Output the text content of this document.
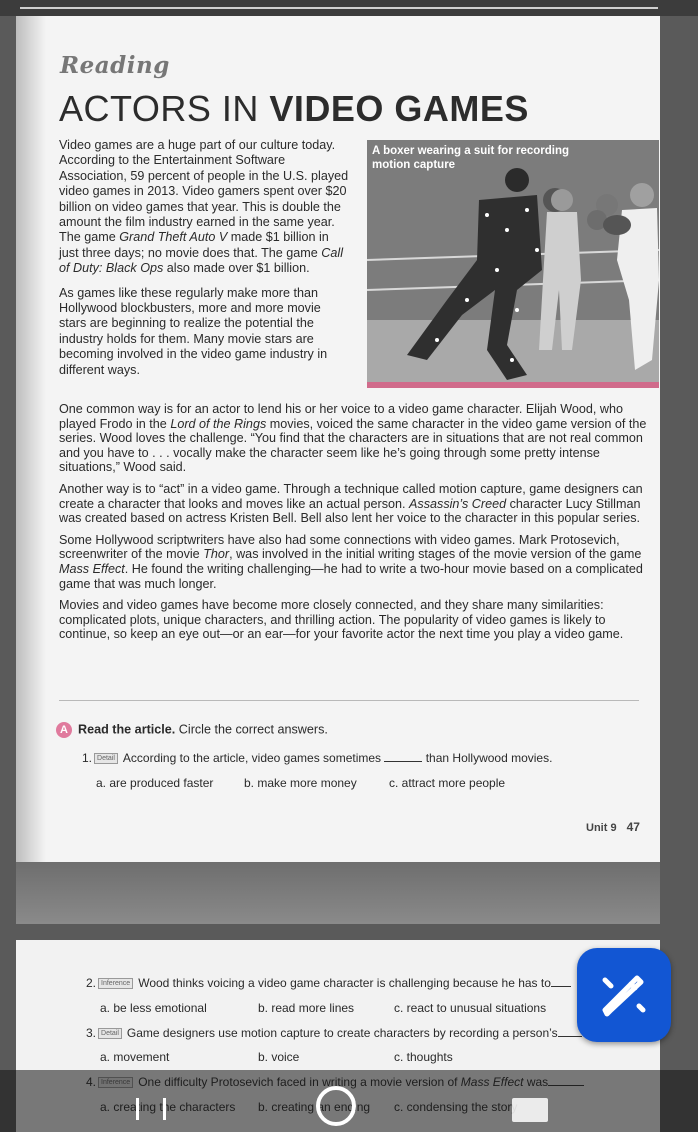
Reading
ACTORS IN VIDEO GAMES

Video games are a huge part of our culture today. According to the Entertainment Software Association, 59 percent of people in the U.S. played video games in 2013. Video gamers spent over $20 billion on video games that year. This is double the amount the film industry earned in the same year. The game Grand Theft Auto V made $1 billion in just three days; no movie does that. The game Call of Duty: Black Ops also made over $1 billion.

As games like these regularly make more than Hollywood blockbusters, more and more movie stars are beginning to realize the potential the industry holds for them. Many movie stars are becoming involved in the video game industry in different ways.

A boxer wearing a suit for recording motion capture

One common way is for an actor to lend his or her voice to a video game character. Elijah Wood, who played Frodo in the Lord of the Rings movies, voiced the same character in the video game version of the series. Wood loves the challenge. “You find that the characters are in situations that are not real common and you have to . . . vocally make the character seem like he’s going through some pretty intense situations,” Wood said.

Another way is to “act” in a video game. Through a technique called motion capture, game designers can create a character that looks and moves like an actual person. Assassin’s Creed character Lucy Stillman was created based on actress Kristen Bell. Bell also lent her voice to the character in this popular series.

Some Hollywood scriptwriters have also had some connections with video games. Mark Protosevich, screenwriter of the movie Thor, was involved in the initial writing stages of the movie version of the game Mass Effect. He found the writing challenging—he had to write a two-hour movie based on a complicated game that was much longer.

Movies and video games have become more closely connected, and they share many similarities: complicated plots, unique characters, and thrilling action. The popularity of video games is likely to continue, so keep an eye out—or an ear—for your favorite actor the next time you play a video game.

A Read the article. Circle the correct answers.
1. Detail According to the article, video games sometimes	than Hollywood movies.
a. are produced faster	b. make more money	c. attract more people
Unit 9 47
2. Inference Wood thinks voicing a video game character is challenging because he has to
a. be less emotional	b. read more lines	c. react to unusual situations
3. Detail Game designers use motion capture to create characters by recording a person’s
a. movement	b. voice	c. thoughts
